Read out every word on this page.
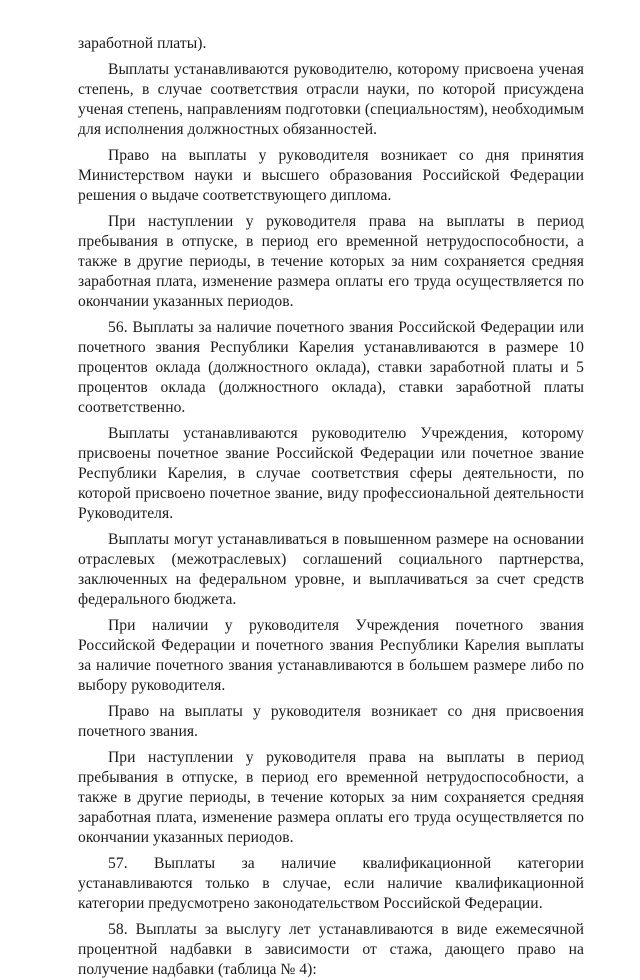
заработной платы).

Выплаты устанавливаются руководителю, которому присвоена ученая степень, в случае соответствия отрасли науки, по которой присуждена ученая степень, направлениям подготовки (специальностям), необходимым для исполнения должностных обязанностей.

Право на выплаты у руководителя возникает со дня принятия Министерством науки и высшего образования Российской Федерации решения о выдаче соответствующего диплома.

При наступлении у руководителя права на выплаты в период пребывания в отпуске, в период его временной нетрудоспособности, а также в другие периоды, в течение которых за ним сохраняется средняя заработная плата, изменение размера оплаты его труда осуществляется по окончании указанных периодов.

56. Выплаты за наличие почетного звания Российской Федерации или почетного звания Республики Карелия устанавливаются в размере 10 процентов оклада (должностного оклада), ставки заработной платы и 5 процентов оклада (должностного оклада), ставки заработной платы соответственно.

Выплаты устанавливаются руководителю Учреждения, которому присвоены почетное звание Российской Федерации или почетное звание Республики Карелия, в случае соответствия сферы деятельности, по которой присвоено почетное звание, виду профессиональной деятельности Руководителя.

Выплаты могут устанавливаться в повышенном размере на основании отраслевых (межотраслевых) соглашений социального партнерства, заключенных на федеральном уровне, и выплачиваться за счет средств федерального бюджета.

При наличии у руководителя Учреждения почетного звания Российской Федерации и почетного звания Республики Карелия выплаты за наличие почетного звания устанавливаются в большем размере либо по выбору руководителя.

Право на выплаты у руководителя возникает со дня присвоения почетного звания.

При наступлении у руководителя права на выплаты в период пребывания в отпуске, в период его временной нетрудоспособности, а также в другие периоды, в течение которых за ним сохраняется средняя заработная плата, изменение размера оплаты его труда осуществляется по окончании указанных периодов.

57. Выплаты за наличие квалификационной категории устанавливаются только в случае, если наличие квалификационной категории предусмотрено законодательством Российской Федерации.

58. Выплаты за выслугу лет устанавливаются в виде ежемесячной процентной надбавки в зависимости от стажа, дающего право на получение надбавки (таблица № 4):
